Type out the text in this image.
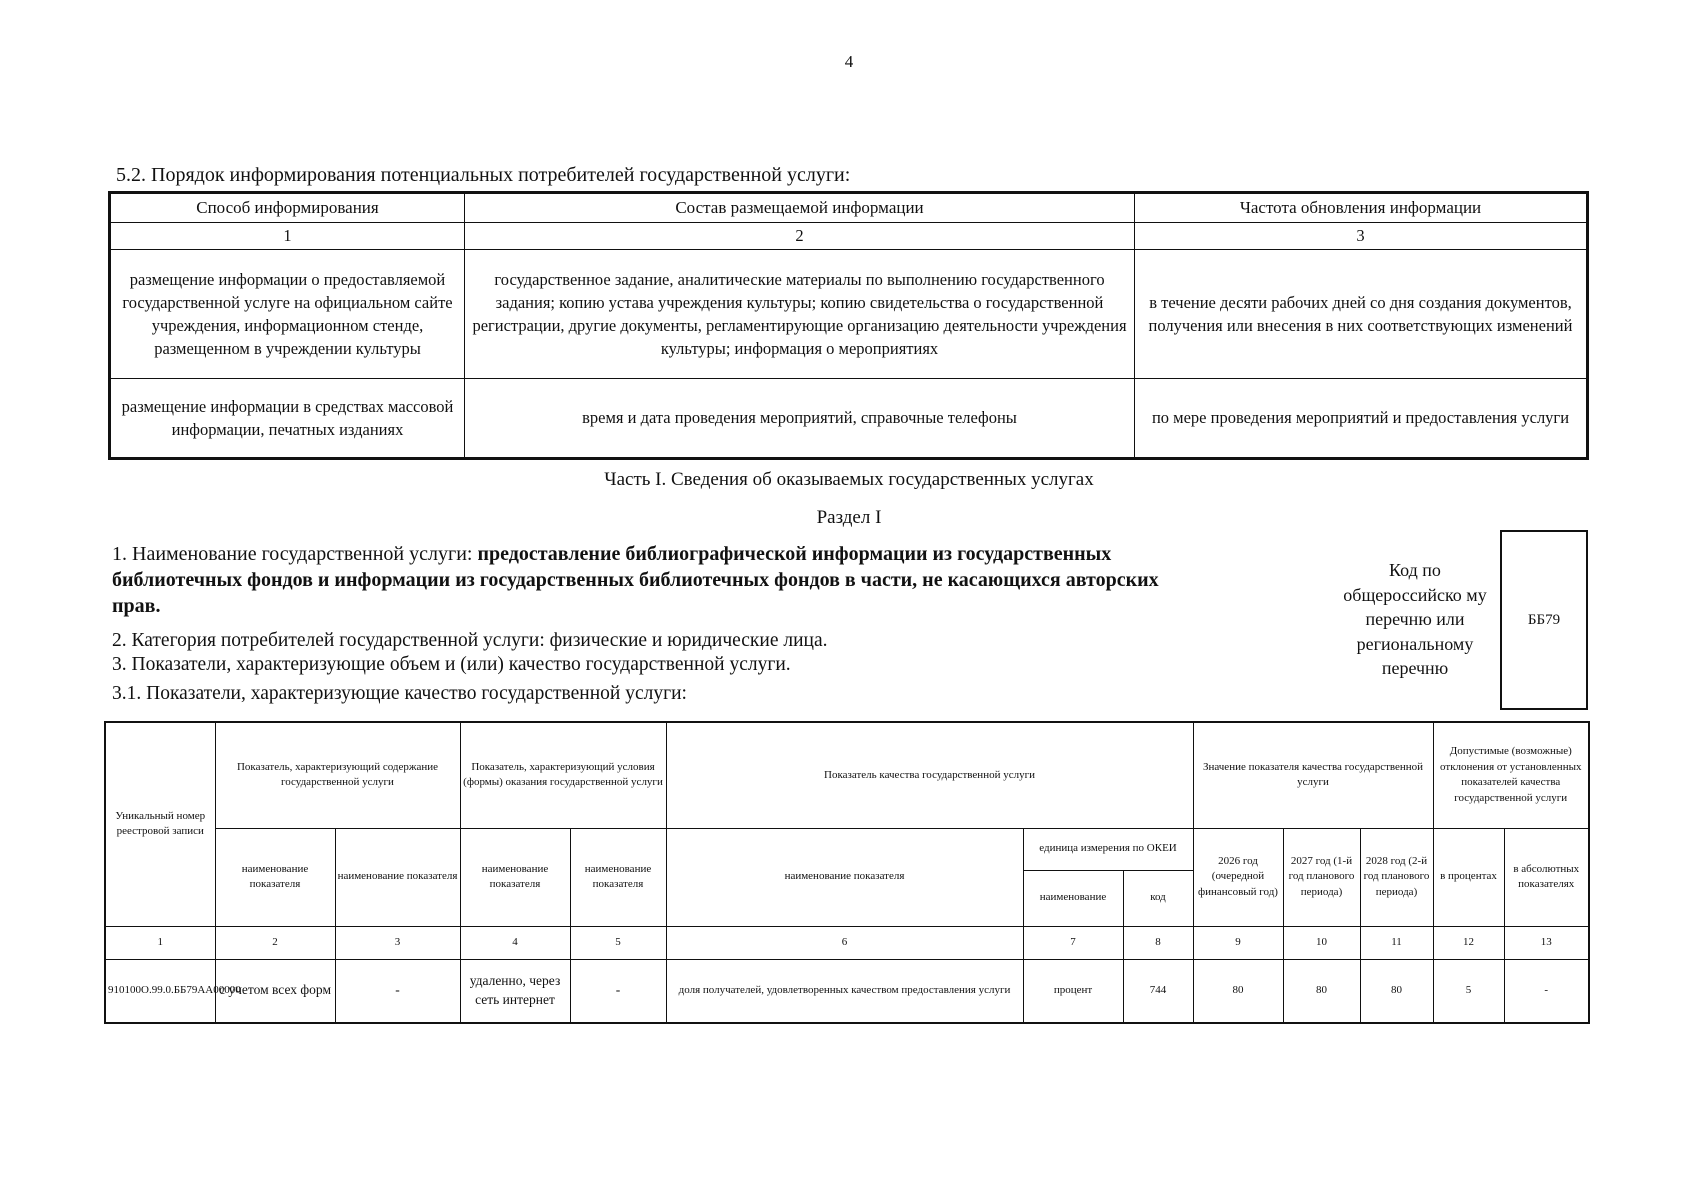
4
5.2. Порядок информирования потенциальных потребителей государственной услуги:
Способ информирования	Состав размещаемой информации	Частота обновления информации
1	2	3
размещение информации о предоставляемой государственной услуге на официальном сайте учреждения, информационном стенде, размещенном в учреждении культуры	государственное задание, аналитические материалы по выполнению государственного задания; копию устава учреждения культуры; копию свидетельства о государственной регистрации, другие документы, регламентирующие организацию деятельности учреждения культуры; информация о мероприятиях	в течение десяти рабочих дней со дня создания документов, получения или внесения в них соответствующих изменений
размещение информации в средствах массовой информации, печатных изданиях	время и дата проведения мероприятий, справочные телефоны	по мере проведения мероприятий и предоставления услуги
Часть I. Сведения об оказываемых государственных услугах
Раздел I
1. Наименование государственной услуги: предоставление библиографической информации из государственных библиотечных фондов и информации из государственных библиотечных фондов в части, не касающихся авторских прав.
2. Категория потребителей государственной услуги: физические и юридические лица.
3. Показатели, характеризующие объем и (или) качество государственной услуги.
3.1. Показатели, характеризующие качество государственной услуги:
Код по общероссийско му перечню или региональному перечню
ББ79
Уникальный номер реестровой записи	Показатель, характеризующий содержание государственной услуги		Показатель, характеризующий условия (формы) оказания государственной услуги		Показатель качества государственной услуги			Значение показателя качества государственной услуги			Допустимые (возможные) отклонения от установленных показателей качества государственной услуги	
	наименование показателя	наименование показателя	наименование показателя	наименование показателя	наименование показателя	единица измерения по ОКЕИ		2026 год (очередной финансовый год)	2027 год (1-й год планового периода)	2028 год (2-й год планового периода)	в процентах	в абсолютных показателях
						наименование	код					
1	2	3	4	5	6	7	8	9	10	11	12	13
910100О.99.0.ББ79АА00000	с учетом всех форм	-	удаленно, через сеть интернет	-	доля получателей, удовлетворенных качеством предоставления услуги	процент	744	80	80	80	5	-
